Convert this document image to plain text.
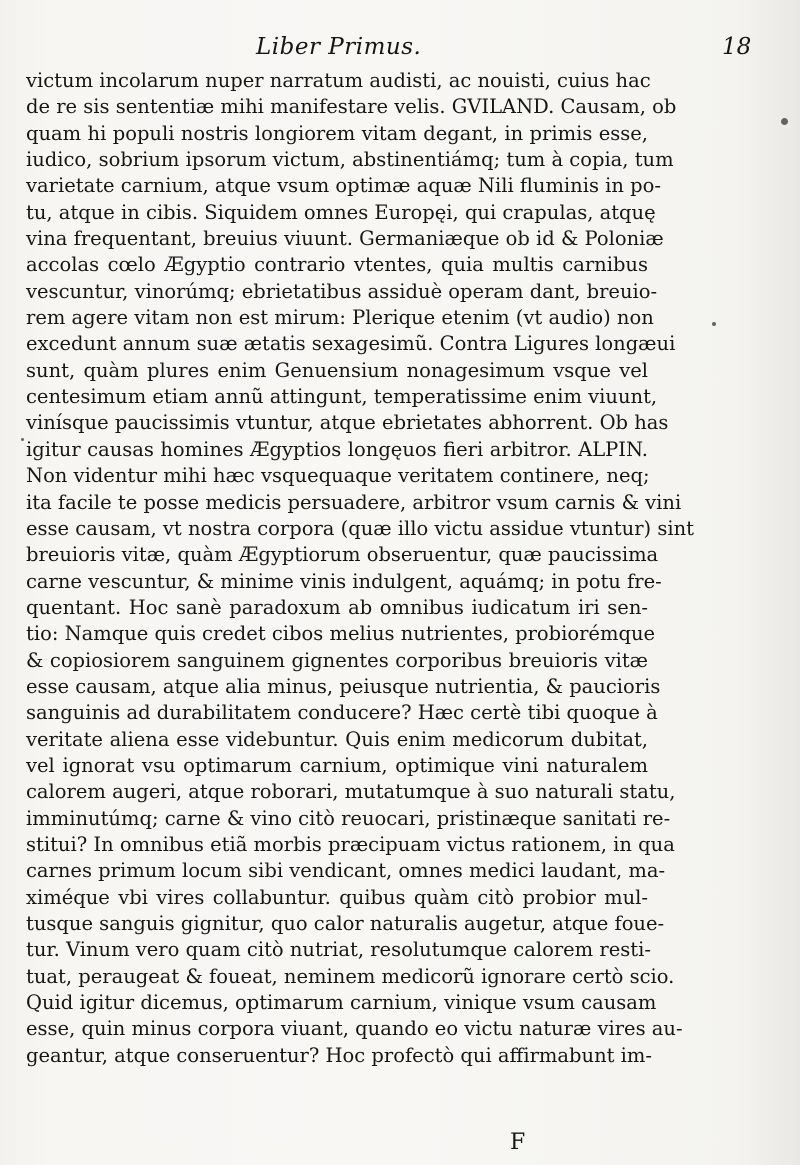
Liber Primus.	18
victum incolarum nuper narratum audisti, ac nouisti, cuius hac
de re sis sententiæ mihi manifestare velis. GVILAND. Causam, ob
quam hi populi nostris longiorem vitam degant, in primis esse,
iudico, sobrium ipsorum victum, abstinentiámq; tum à copia, tum
varietate carnium, atque vsum optimæ aquæ Nili fluminis in po-
tu, atque in cibis. Siquidem omnes Europęi, qui crapulas, atquę
vina frequentant, breuius viuunt. Germaniæque ob id & Poloniæ
accolas cœlo Ægyptio contrario vtentes, quia multis carnibus
vescuntur, vinorúmq; ebrietatibus assiduè operam dant, breuio-
rem agere vitam non est mirum: Plerique etenim (vt audio) non
excedunt annum suæ ætatis sexagesimũ. Contra Ligures longæui
sunt, quàm plures enim Genuensium nonagesimum vsque vel
centesimum etiam annũ attingunt, temperatissime enim viuunt,
vinísque paucissimis vtuntur, atque ebrietates abhorrent. Ob has
igitur causas homines Ægyptios longęuos fieri arbitror. ALPIN.
Non videntur mihi hæc vsquequaque veritatem continere, neq;
ita facile te posse medicis persuadere, arbitror vsum carnis & vini
esse causam, vt nostra corpora (quæ illo victu assidue vtuntur) sint
breuioris vitæ, quàm Ægyptiorum obseruentur, quæ paucissima
carne vescuntur, & minime vinis indulgent, aquámq; in potu fre-
quentant. Hoc sanè paradoxum ab omnibus iudicatum iri sen-
tio: Namque quis credet cibos melius nutrientes, probiorémque
& copiosiorem sanguinem gignentes corporibus breuioris vitæ
esse causam, atque alia minus, peiusque nutrientia, & paucioris
sanguinis ad durabilitatem conducere? Hæc certè tibi quoque à
veritate aliena esse videbuntur. Quis enim medicorum dubitat,
vel ignorat vsu optimarum carnium, optimique vini naturalem
calorem augeri, atque roborari, mutatumque à suo naturali statu,
imminutúmq; carne & vino citò reuocari, pristinæque sanitati re-
stitui? In omnibus etiã morbis præcipuam victus rationem, in qua
carnes primum locum sibi vendicant, omnes medici laudant, ma-
ximéque vbi vires collabuntur. quibus quàm citò probior mul-
tusque sanguis gignitur, quo calor naturalis augetur, atque foue-
tur. Vinum vero quam citò nutriat, resolutumque calorem resti-
tuat, peraugeat & foueat, neminem medicorũ ignorare certò scio.
Quid igitur dicemus, optimarum carnium, vinique vsum causam
esse, quin minus corpora viuant, quando eo victu naturæ vires au-
geantur, atque conseruentur? Hoc profectò qui affirmabunt im-
F
